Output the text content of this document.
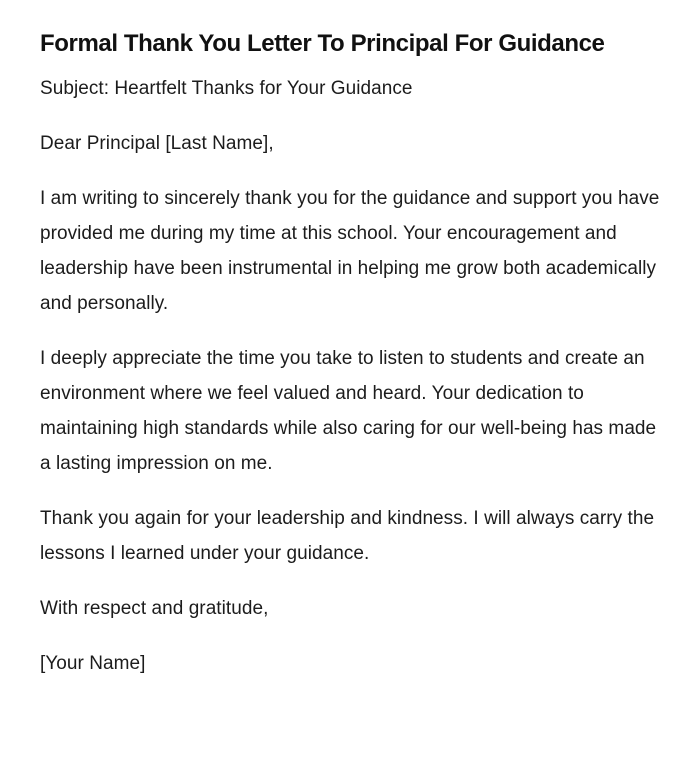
Formal Thank You Letter To Principal For Guidance

Subject: Heartfelt Thanks for Your Guidance

Dear Principal [Last Name],

I am writing to sincerely thank you for the guidance and support you have provided me during my time at this school. Your encouragement and leadership have been instrumental in helping me grow both academically and personally.

I deeply appreciate the time you take to listen to students and create an environment where we feel valued and heard. Your dedication to maintaining high standards while also caring for our well-being has made a lasting impression on me.

Thank you again for your leadership and kindness. I will always carry the lessons I learned under your guidance.

With respect and gratitude,

[Your Name]
